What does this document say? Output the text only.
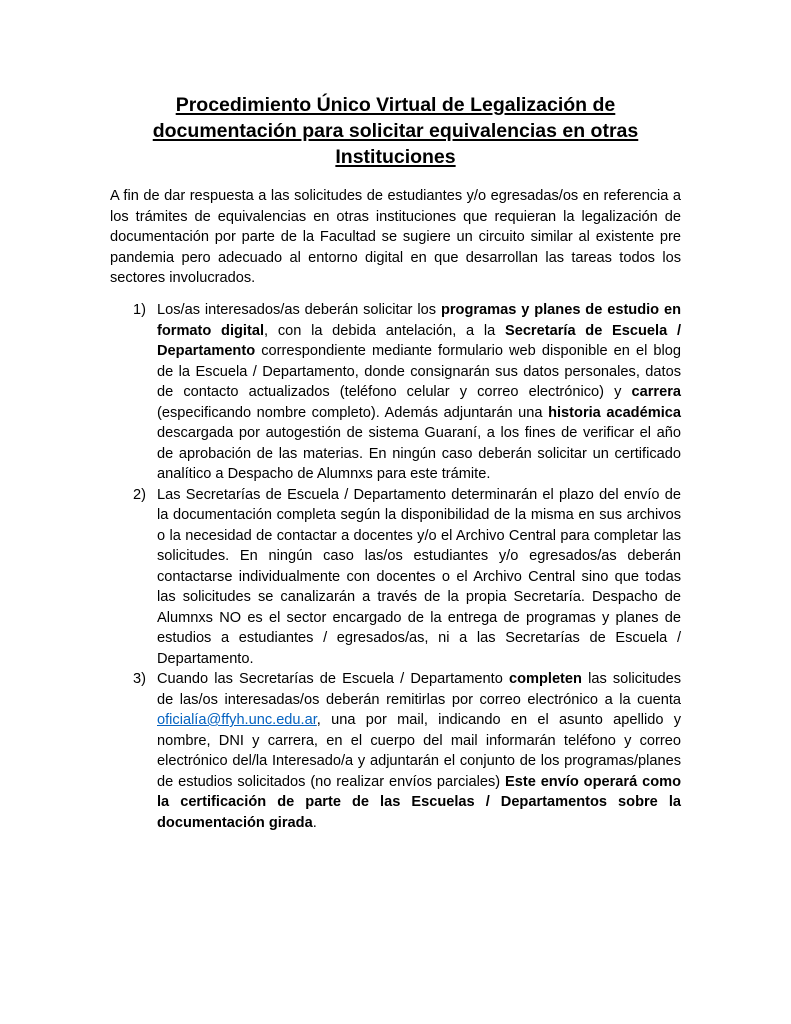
Procedimiento Único Virtual de Legalización de documentación para solicitar equivalencias en otras Instituciones

A fin de dar respuesta a las solicitudes de estudiantes y/o egresadas/os en referencia a los trámites de equivalencias en otras instituciones que requieran la legalización de documentación por parte de la Facultad se sugiere un circuito similar al existente pre pandemia pero adecuado al entorno digital en que desarrollan las tareas todos los sectores involucrados.

1) Los/as interesados/as deberán solicitar los programas y planes de estudio en formato digital, con la debida antelación, a la Secretaría de Escuela / Departamento correspondiente mediante formulario web disponible en el blog de la Escuela / Departamento, donde consignarán sus datos personales, datos de contacto actualizados (teléfono celular y correo electrónico) y carrera (especificando nombre completo). Además adjuntarán una historia académica descargada por autogestión de sistema Guaraní, a los fines de verificar el año de aprobación de las materias. En ningún caso deberán solicitar un certificado analítico a Despacho de Alumnxs para este trámite.
2) Las Secretarías de Escuela / Departamento determinarán el plazo del envío de la documentación completa según la disponibilidad de la misma en sus archivos o la necesidad de contactar a docentes y/o el Archivo Central para completar las solicitudes. En ningún caso las/os estudiantes y/o egresados/as deberán contactarse individualmente con docentes o el Archivo Central sino que todas las solicitudes se canalizarán a través de la propia Secretaría. Despacho de Alumnxs NO es el sector encargado de la entrega de programas y planes de estudios a estudiantes / egresados/as, ni a las Secretarías de Escuela / Departamento.
3) Cuando las Secretarías de Escuela / Departamento completen las solicitudes de las/os interesadas/os deberán remitirlas por correo electrónico a la cuenta oficialía@ffyh.unc.edu.ar, una por mail, indicando en el asunto apellido y nombre, DNI y carrera, en el cuerpo del mail informarán teléfono y correo electrónico del/la Interesado/a y adjuntarán el conjunto de los programas/planes de estudios solicitados (no realizar envíos parciales) Este envío operará como la certificación de parte de las Escuelas / Departamentos sobre la documentación girada.
